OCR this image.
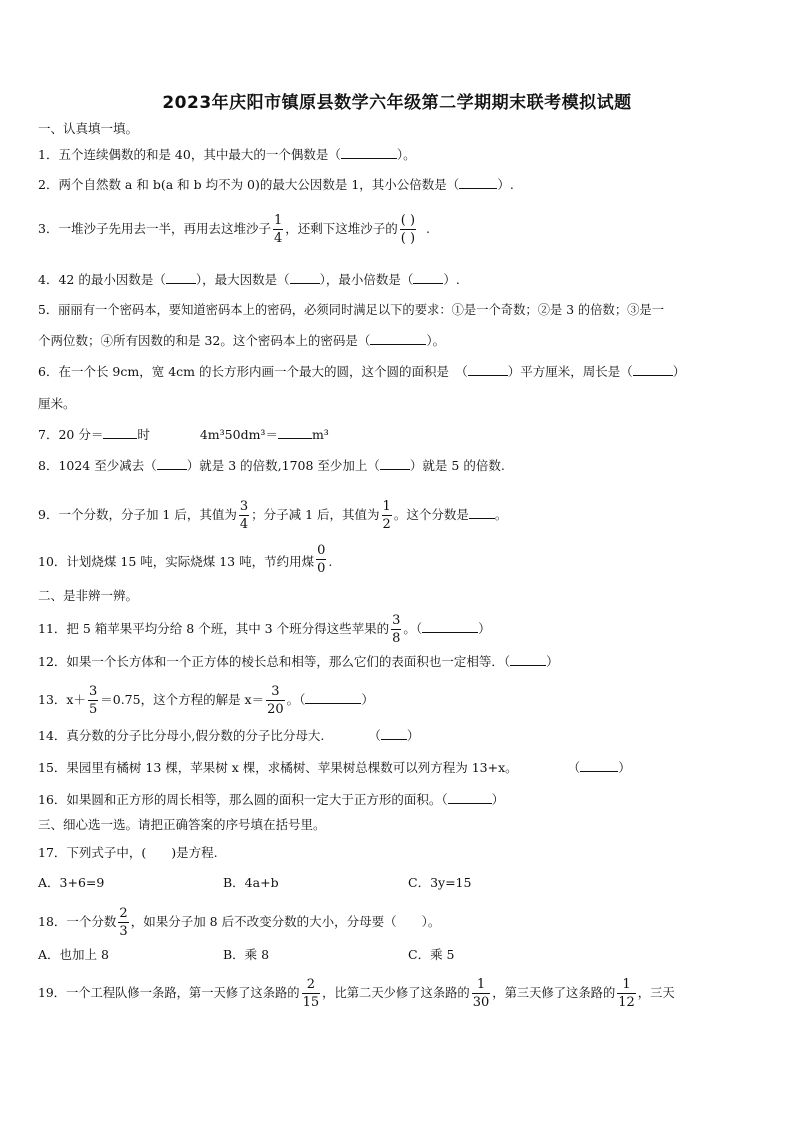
2023年庆阳市镇原县数学六年级第二学期期末联考模拟试题
一、认真填一填。
1．五个连续偶数的和是 40，其中最大的一个偶数是（	）。
2．两个自然数 a 和 b(a 和 b 均不为 0)的最大公因数是 1，其小公倍数是（	）.
3．一堆沙子先用去一半，再用去这堆沙子 $\frac{1}{4}$ ，还剩下这堆沙子的 $\frac{( )}{( )}$ .
4．42 的最小因数是（ ），最大因数是（ ），最小倍数是（ ）.
5．丽丽有一个密码本，要知道密码本上的密码，必须同时满足以下的要求：①是一个奇数；②是 3 的倍数；③是一
个两位数；④所有因数的和是 32。这个密码本上的密码是（	）。
6．在一个长 9cm，宽 4cm 的长方形内画一个最大的圆，这个圆的面积是　（	）平方厘米，周长是（	）
厘米。
7．20 分＝	时	4m³50dm³＝	m³
8．1024 至少减去（ ）就是 3 的倍数,1708 至少加上（ ）就是 5 的倍数.
9．一个分数，分子加 1 后，其值为 $\frac{3}{4}$ ；分子减 1 后，其值为 $\frac{1}{2}$ 。这个分数是 。
10．计划烧煤 15 吨，实际烧煤 13 吨，节约用煤 $\frac{0}{0}$ .
二、是非辨一辨。
11．把 5 箱苹果平均分给 8 个班，其中 3 个班分得这些苹果的 $\frac{3}{8}$ 。（	）
12．如果一个长方体和一个正方体的棱长总和相等，那么它们的表面积也一定相等．（	）
13．$x+ \frac{3}{5} =0.75$，这个方程的解是 $x= \frac{3}{20}$ 。（	）
14．真分数的分子比分母小,假分数的分子比分母大.	（ ）
15．果园里有橘树 13 棵，苹果树 x 棵，求橘树、苹果树总棵数可以列方程为 13+x。	（	）
16．如果圆和正方形的周长相等，那么圆的面积一定大于正方形的面积。（	）
三、细心选一选。请把正确答案的序号填在括号里。
17．下列式子中，(　　)是方程.
A．3+6=9	B．4a+b	C．3y=15
18．一个分数 $\frac{2}{3}$ ，如果分子加 8 后不改变分数的大小，分母要（　　）。
A．也加上 8	B．乘 8	C．乘 5
19．一个工程队修一条路，第一天修了这条路的 $\frac{2}{15}$ ，比第二天少修了这条路的 $\frac{1}{30}$ ，第三天修了这条路的 $\frac{1}{12}$ ，三天
